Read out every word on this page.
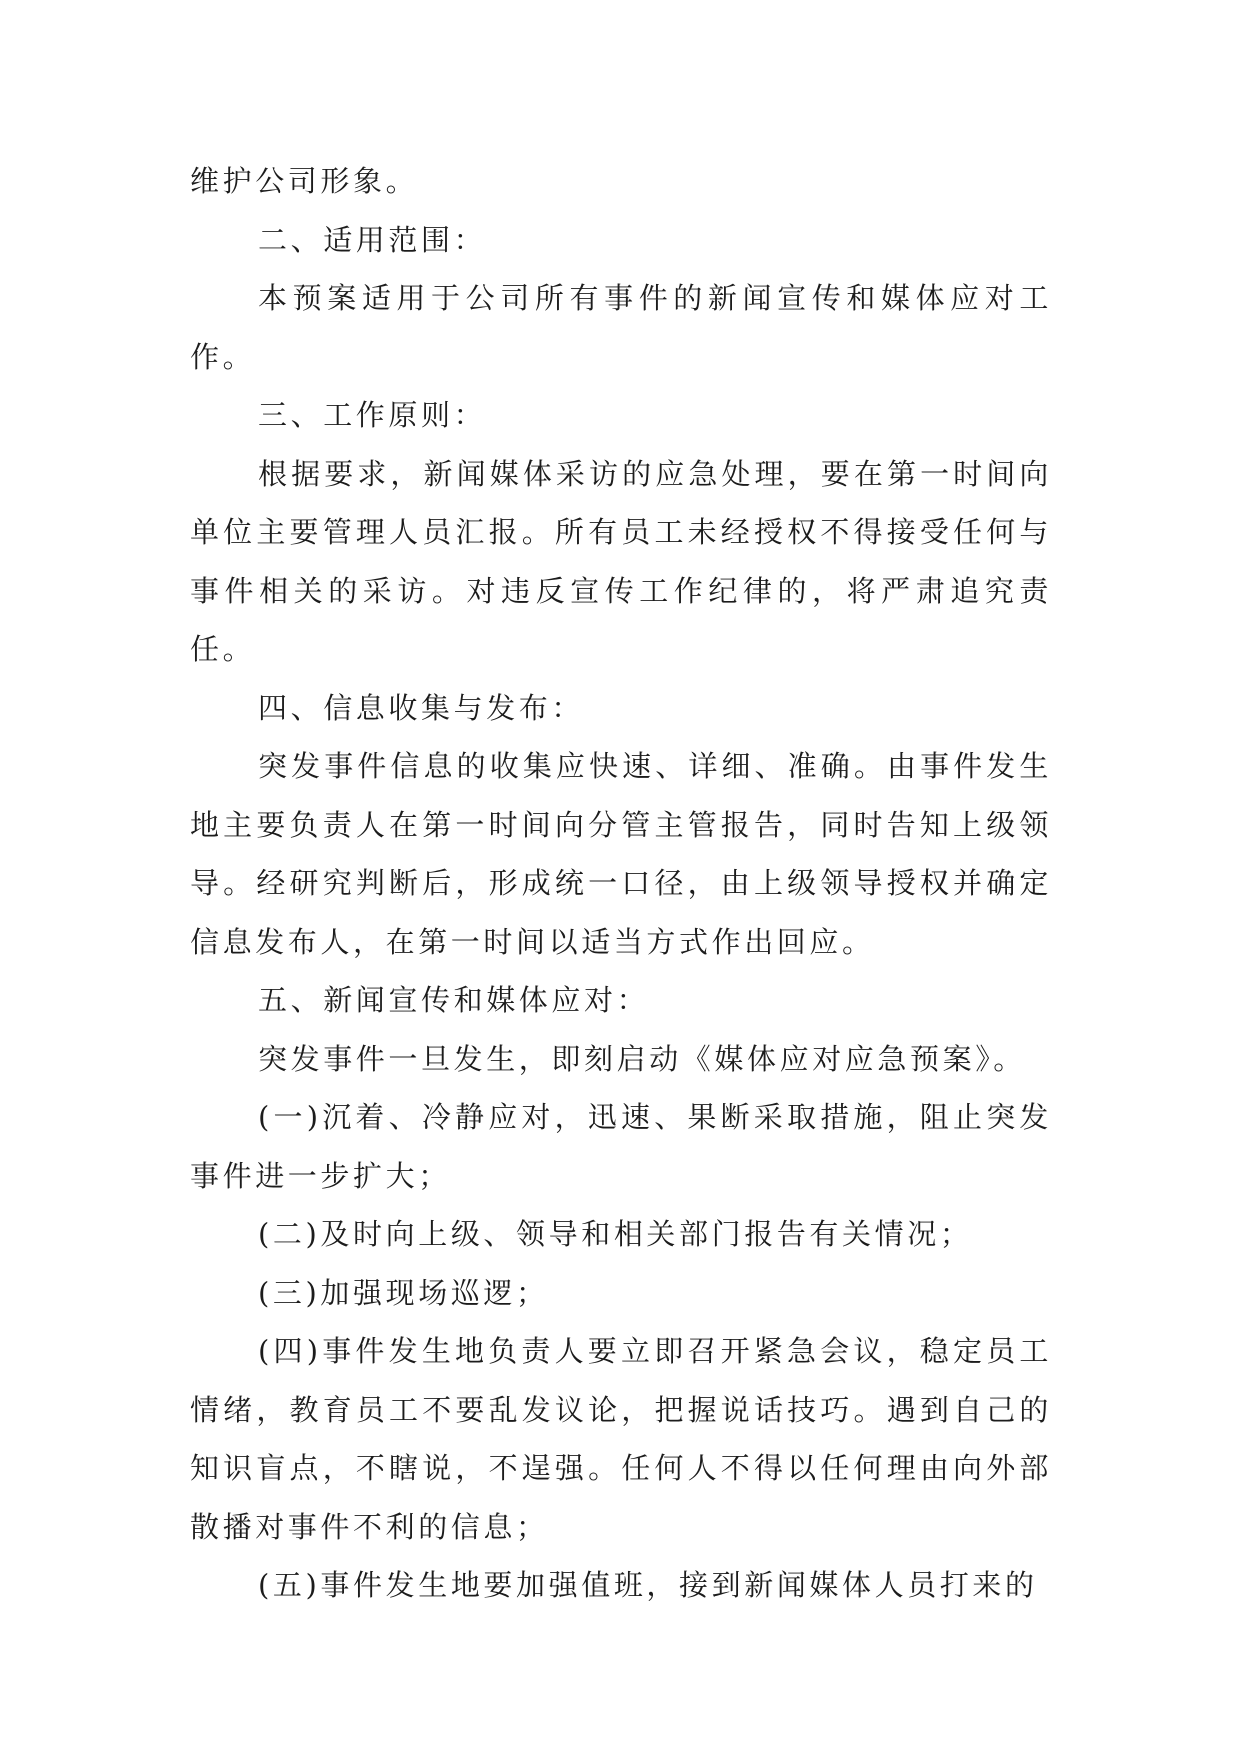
维护公司形象。

二、适用范围：

本预案适用于公司所有事件的新闻宣传和媒体应对工作。

三、工作原则：

根据要求，新闻媒体采访的应急处理，要在第一时间向单位主要管理人员汇报。所有员工未经授权不得接受任何与事件相关的采访。对违反宣传工作纪律的，将严肃追究责任。

四、信息收集与发布：

突发事件信息的收集应快速、详细、准确。由事件发生地主要负责人在第一时间向分管主管报告，同时告知上级领导。经研究判断后，形成统一口径，由上级领导授权并确定信息发布人，在第一时间以适当方式作出回应。

五、新闻宣传和媒体应对：

突发事件一旦发生，即刻启动《媒体应对应急预案》。

(一)沉着、冷静应对，迅速、果断采取措施，阻止突发事件进一步扩大；

(二)及时向上级、领导和相关部门报告有关情况；

(三)加强现场巡逻；

(四)事件发生地负责人要立即召开紧急会议，稳定员工情绪，教育员工不要乱发议论，把握说话技巧。遇到自己的知识盲点，不瞎说，不逞强。任何人不得以任何理由向外部散播对事件不利的信息；

(五)事件发生地要加强值班，接到新闻媒体人员打来的
